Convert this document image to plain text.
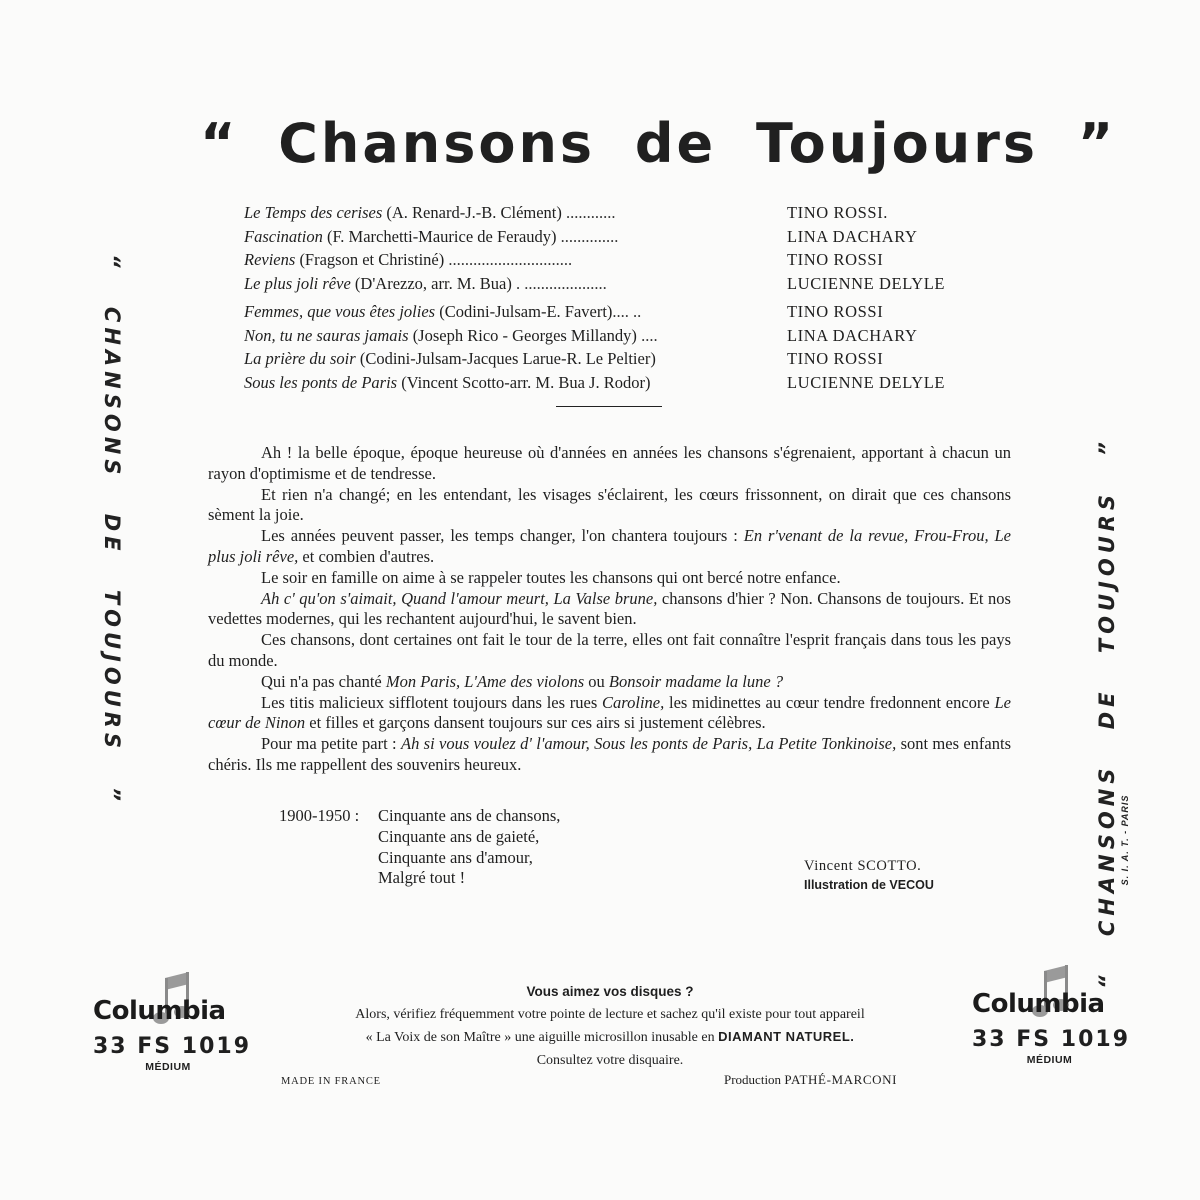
“ Chansons de Toujours ”
Le Temps des cerises (A. Renard-J.-B. Clément) ............	TINO ROSSI.
Fascination (F. Marchetti-Maurice de Feraudy) ..............	LINA DACHARY
Reviens (Fragson et Christiné) ..............................	TINO ROSSI
Le plus joli rêve (D'Arezzo, arr. M. Bua) . ....................	LUCIENNE DELYLE
Femmes, que vous êtes jolies (Codini-Julsam-E. Favert).... ..	TINO ROSSI
Non, tu ne sauras jamais (Joseph Rico - Georges Millandy) ....	LINA DACHARY
La prière du soir (Codini-Julsam-Jacques Larue-R. Le Peltier)	TINO ROSSI
Sous les ponts de Paris (Vincent Scotto-arr. M. Bua J. Rodor)	LUCIENNE DELYLE

Ah ! la belle époque, époque heureuse où d'années en années les chansons s'égrenaient, apportant à chacun un rayon d'optimisme et de tendresse.

Et rien n'a changé; en les entendant, les visages s'éclairent, les cœurs frissonnent, on dirait que ces chansons sèment la joie.

Les années peuvent passer, les temps changer, l'on chantera toujours : En r'venant de la revue, Frou-Frou, Le plus joli rêve, et combien d'autres.

Le soir en famille on aime à se rappeler toutes les chansons qui ont bercé notre enfance.

Ah c' qu'on s'aimait, Quand l'amour meurt, La Valse brune, chansons d'hier ? Non. Chansons de toujours. Et nos vedettes modernes, qui les rechantent aujourd'hui, le savent bien.

Ces chansons, dont certaines ont fait le tour de la terre, elles ont fait connaître l'esprit français dans tous les pays du monde.

Qui n'a pas chanté Mon Paris, L'Ame des violons ou Bonsoir madame la lune ?

Les titis malicieux sifflotent toujours dans les rues Caroline, les midinettes au cœur tendre fredonnent encore Le cœur de Ninon et filles et garçons dansent toujours sur ces airs si justement célèbres.

Pour ma petite part : Ah si vous voulez d' l'amour, Sous les ponts de Paris, La Petite Tonkinoise, sont mes enfants chéris. Ils me rappellent des souvenirs heureux.

1900-1950 : Cinquante ans de chansons,
Cinquante ans de gaieté,
Cinquante ans d'amour,
Malgré tout !
Vincent SCOTTO.
Illustration de VECOU
“ CHANSONS DE TOUJOURS ”	“ CHANSONS DE TOUJOURS ” S. I. A. T. - PARIS
Columbia
33 FS 1019
MÉDIUM
Columbia
33 FS 1019
MÉDIUM
Vous aimez vos disques ?
Alors, vérifiez fréquemment votre pointe de lecture et sachez qu'il existe pour tout appareil
« La Voix de son Maître » une aiguille microsillon inusable en DIAMANT NATUREL.
Consultez votre disquaire.
MADE IN FRANCE	Production PATHÉ-MARCONI
